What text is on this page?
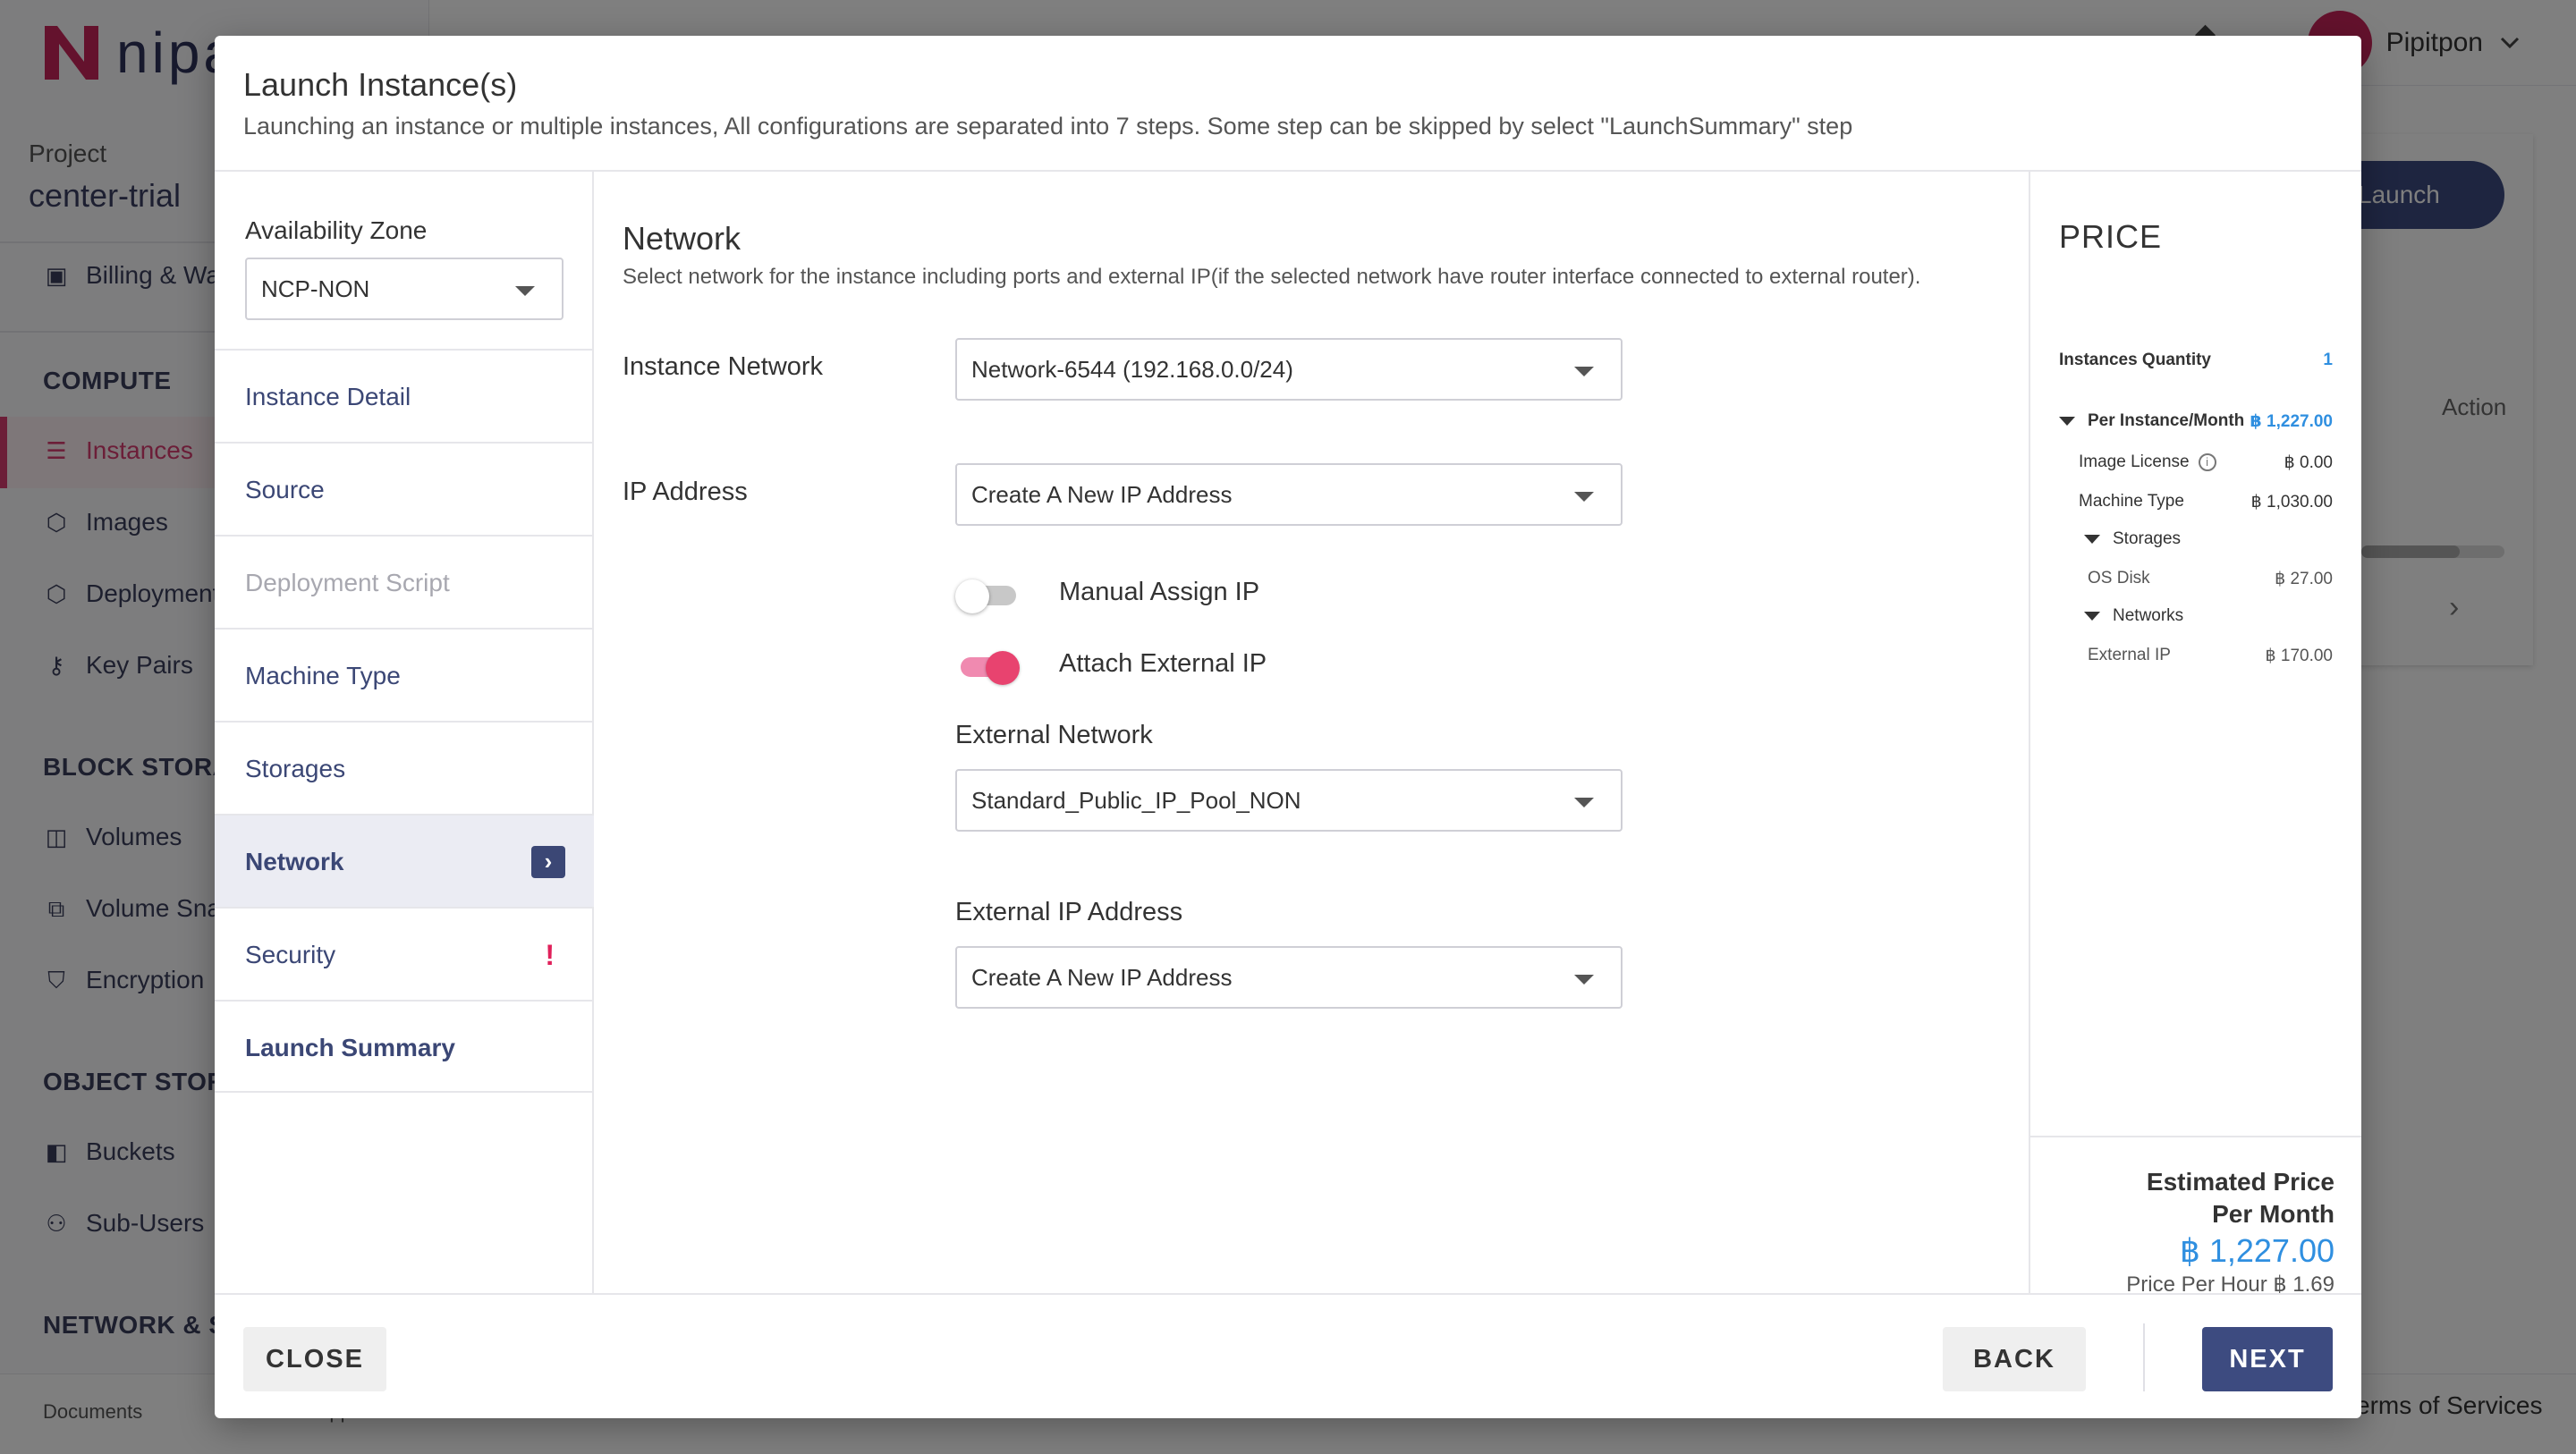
Launch Instance(s)
Launching an instance or multiple instances, All configurations are separated into 7 steps. Some step can be skipped by select "LaunchSummary" step
Availability Zone
NCP-NON
Instance Detail
Source
Deployment Script
Machine Type
Storages
Network	›
Security	!
Launch Summary
Network
Select network for the instance including ports and external IP(if the selected network have router interface connected to external router).
Instance Network	Network-6544 (192.168.0.0/24)
IP Address	Create A New IP Address
Manual Assign IP
Attach External IP
External Network
Standard_Public_IP_Pool_NON
External IP Address
Create A New IP Address
PRICE
Instances Quantity	1
Per Instance/Month ฿ 1,227.00
Image License i	฿ 0.00
Machine Type	฿ 1,030.00
Storages
OS Disk	฿ 27.00
Networks
External IP	฿ 170.00
Estimated Price
Per Month
฿ 1,227.00
Price Per Hour ฿ 1.69
CLOSE	BACK	NEXT
